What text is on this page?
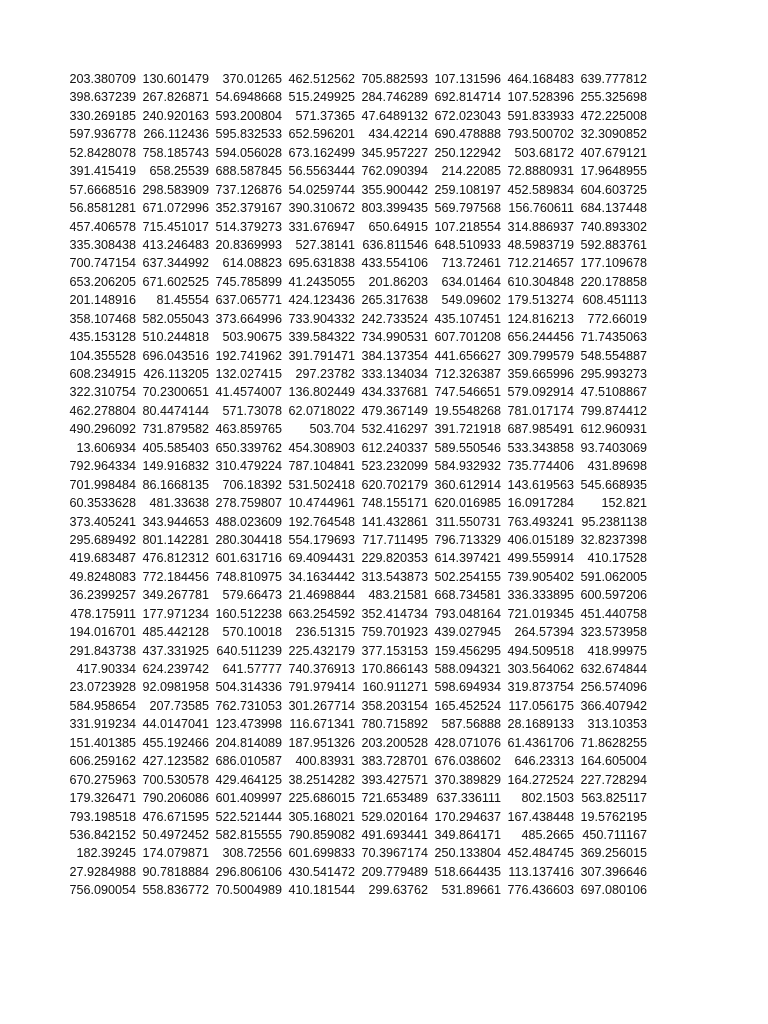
203.380709	130.601479	370.01265	462.512562	705.882593	107.131596	464.168483	639.777812
398.637239	267.826871	54.6948668	515.249925	284.746289	692.814714	107.528396	255.325698
330.269185	240.920163	593.200804	571.37365	47.6489132	672.023043	591.833933	472.225008
597.936778	266.112436	595.832533	652.596201	434.42214	690.478888	793.500702	32.3090852
52.8428078	758.185743	594.056028	673.162499	345.957227	250.122942	503.68172	407.679121
391.415419	658.25539	688.587845	56.5563444	762.090394	214.22085	72.8880931	17.9648955
57.6668516	298.583909	737.126876	54.0259744	355.900442	259.108197	452.589834	604.603725
56.8581281	671.072996	352.379167	390.310672	803.399435	569.797568	156.760611	684.137448
457.406578	715.451017	514.379273	331.676947	650.64915	107.218554	314.886937	740.893302
335.308438	413.246483	20.8369993	527.38141	636.811546	648.510933	48.5983719	592.883761
700.747154	637.344992	614.08823	695.631838	433.554106	713.72461	712.214657	177.109678
653.206205	671.602525	745.785899	41.2435055	201.86203	634.01464	610.304848	220.178858
201.148916	81.45554	637.065771	424.123436	265.317638	549.09602	179.513274	608.451113
358.107468	582.055043	373.664996	733.904332	242.733524	435.107451	124.816213	772.66019
435.153128	510.244818	503.90675	339.584322	734.990531	607.701208	656.244456	71.7435063
104.355528	696.043516	192.741962	391.791471	384.137354	441.656627	309.799579	548.554887
608.234915	426.113205	132.027415	297.23782	333.134034	712.326387	359.665996	295.993273
322.310754	70.2300651	41.4574007	136.802449	434.337681	747.546651	579.092914	47.5108867
462.278804	80.4474144	571.73078	62.0718022	479.367149	19.5548268	781.017174	799.874412
490.296092	731.879582	463.859765	503.704	532.416297	391.721918	687.985491	612.960931
13.606934	405.585403	650.339762	454.308903	612.240337	589.550546	533.343858	93.7403069
792.964334	149.916832	310.479224	787.104841	523.232099	584.932932	735.774406	431.89698
701.998484	86.1668135	706.18392	531.502418	620.702179	360.612914	143.619563	545.668935
60.3533628	481.33638	278.759807	10.4744961	748.155171	620.016985	16.0917284	152.821
373.405241	343.944653	488.023609	192.764548	141.432861	311.550731	763.493241	95.2381138
295.689492	801.142281	280.304418	554.179693	717.711495	796.713329	406.015189	32.8237398
419.683487	476.812312	601.631716	69.4094431	229.820353	614.397421	499.559914	410.17528
49.8248083	772.184456	748.810975	34.1634442	313.543873	502.254155	739.905402	591.062005
36.2399257	349.267781	579.66473	21.4698844	483.21581	668.734581	336.333895	600.597206
478.175911	177.971234	160.512238	663.254592	352.414734	793.048164	721.019345	451.440758
194.016701	485.442128	570.10018	236.51315	759.701923	439.027945	264.57394	323.573958
291.843738	437.331925	640.511239	225.432179	377.153153	159.456295	494.509518	418.99975
417.90334	624.239742	641.57777	740.376913	170.866143	588.094321	303.564062	632.674844
23.0723928	92.0981958	504.314336	791.979414	160.911271	598.694934	319.873754	256.574096
584.958654	207.73585	762.731053	301.267714	358.203154	165.452524	117.056175	366.407942
331.919234	44.0147041	123.473998	116.671341	780.715892	587.56888	28.1689133	313.10353
151.401385	455.192466	204.814089	187.951326	203.200528	428.071076	61.4361706	71.8628255
606.259162	427.123582	686.010587	400.83931	383.728701	676.038602	646.23313	164.605004
670.275963	700.530578	429.464125	38.2514282	393.427571	370.389829	164.272524	227.728294
179.326471	790.206086	601.409997	225.686015	721.653489	637.336111	802.1503	563.825117
793.198518	476.671595	522.521444	305.168021	529.020164	170.294637	167.438448	19.5762195
536.842152	50.4972452	582.815555	790.859082	491.693441	349.864171	485.2665	450.711167
182.39245	174.079871	308.72556	601.699833	70.3967174	250.133804	452.484745	369.256015
27.9284988	90.7818884	296.806106	430.541472	209.779489	518.664435	113.137416	307.396646
756.090054	558.836772	70.5004989	410.181544	299.63762	531.89661	776.436603	697.080106
